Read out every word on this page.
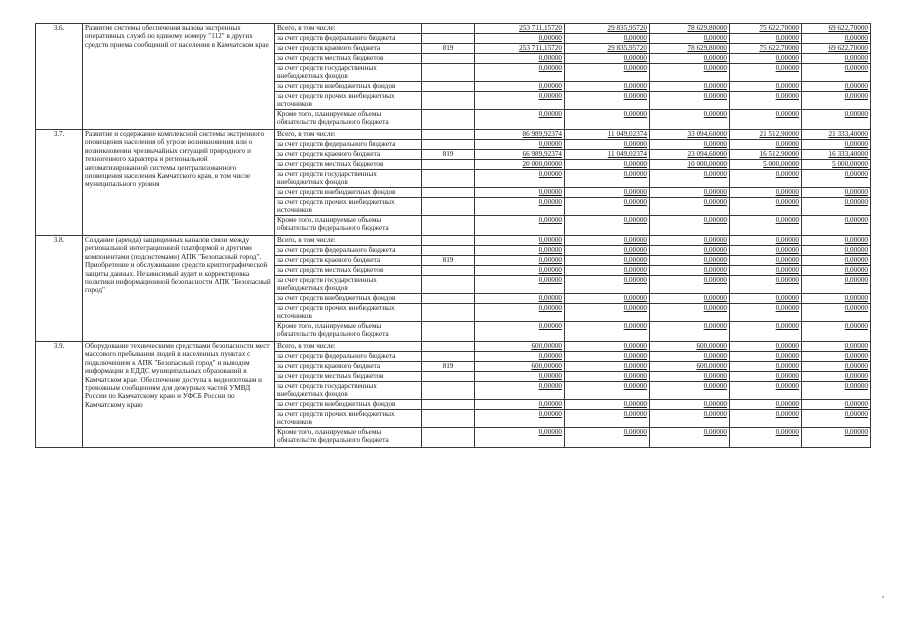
3.6.	Развитие системы обеспечения вызова экстренных оперативных служб по единому номеру "112" в других средств приема сообщений от населения в Камчатском крае	Всего, в том числе:		253 711,15720	29 835,95720	78 629,80000	75 622,70000	69 622,70000
		за счет средств федерального бюджета		0,00000	0,00000	0,00000	0,00000	0,00000
		за счет средств краевого бюджета	819	253 711,15720	29 835,95720	78 629,80000	75 622,70000	69 622,70000
		за счет средств местных бюджетов		0,00000	0,00000	0,00000	0,00000	0,00000
		за счет средств государственных внебюджетных фондов		0,00000	0,00000	0,00000	0,00000	0,00000
		за счет средств внебюджетных фондов		0,00000	0,00000	0,00000	0,00000	0,00000
		за счет средств прочих внебюджетных источников		0,00000	0,00000	0,00000	0,00000	0,00000
		Кроме того, планируемые объемы обязательств федерального бюджета		0,00000	0,00000	0,00000	0,00000	0,00000
3.7.	Развитие и содержание комплексной системы экстренного оповещения населения об угрозе возникновения или о возникновении чрезвычайных ситуаций природного и техногенного характера и региональной автоматизированной системы централизованного оповещения населения Камчатского края, в том числе муниципального уровня	Всего, в том числе:		86 989,92374	11 049,02374	33 094,60000	21 512,90000	21 333,40000
		за счет средств федерального бюджета		0,00000	0,00000	0,00000	0,00000	0,00000
		за счет средств краевого бюджета	819	66 989,92374	11 049,02374	23 094,60000	16 512,90000	16 333,40000
		за счет средств местных бюджетов		20 000,00000	0,00000	10 000,00000	5 000,00000	5 000,00000
		за счет средств государственных внебюджетных фондов		0,00000	0,00000	0,00000	0,00000	0,00000
		за счет средств внебюджетных фондов		0,00000	0,00000	0,00000	0,00000	0,00000
		за счет средств прочих внебюджетных источников		0,00000	0,00000	0,00000	0,00000	0,00000
		Кроме того, планируемые объемы обязательств федерального бюджета		0,00000	0,00000	0,00000	0,00000	0,00000
3.8.	Создание (аренда) защищенных каналов связи между региональной интеграционной платформой и другими компонентами (подсистемами) АПК "Безопасный город". Приобретение и обслуживание средств криптографической защиты данных. Независимый аудит и корректировка политики информационной безопасности АПК "Безопасный город"	Всего, в том числе:		0,00000	0,00000	0,00000	0,00000	0,00000
		за счет средств федерального бюджета		0,00000	0,00000	0,00000	0,00000	0,00000
		за счет средств краевого бюджета	819	0,00000	0,00000	0,00000	0,00000	0,00000
		за счет средств местных бюджетов		0,00000	0,00000	0,00000	0,00000	0,00000
		за счет средств государственных внебюджетных фондов		0,00000	0,00000	0,00000	0,00000	0,00000
		за счет средств внебюджетных фондов		0,00000	0,00000	0,00000	0,00000	0,00000
		за счет средств прочих внебюджетных источников		0,00000	0,00000	0,00000	0,00000	0,00000
		Кроме того, планируемые объемы обязательств федерального бюджета		0,00000	0,00000	0,00000	0,00000	0,00000
3.9.	Оборудование техническими средствами безопасности мест массового пребывания людей в населенных пунктах с подключением к АПК "Безопасный город" и выводом информации в ЕДДС муниципальных образований в Камчатском крае. Обеспечение доступа к видеопотокам и тревожным сообщениям для дежурных частей УМВД России по Камчатскому краю и УФСБ России по Камчатскому краю	Всего, в том числе:		600,00000	0,00000	600,00000	0,00000	0,00000
		за счет средств федерального бюджета		0,00000	0,00000	0,00000	0,00000	0,00000
		за счет средств краевого бюджета	819	600,00000	0,00000	600,00000	0,00000	0,00000
		за счет средств местных бюджетов		0,00000	0,00000	0,00000	0,00000	0,00000
		за счет средств государственных внебюджетных фондов		0,00000	0,00000	0,00000	0,00000	0,00000
		за счет средств внебюджетных фондов		0,00000	0,00000	0,00000	0,00000	0,00000
		за счет средств прочих внебюджетных источников		0,00000	0,00000	0,00000	0,00000	0,00000
		Кроме того, планируемые объемы обязательств федерального бюджета		0,00000	0,00000	0,00000	0,00000	0,00000
